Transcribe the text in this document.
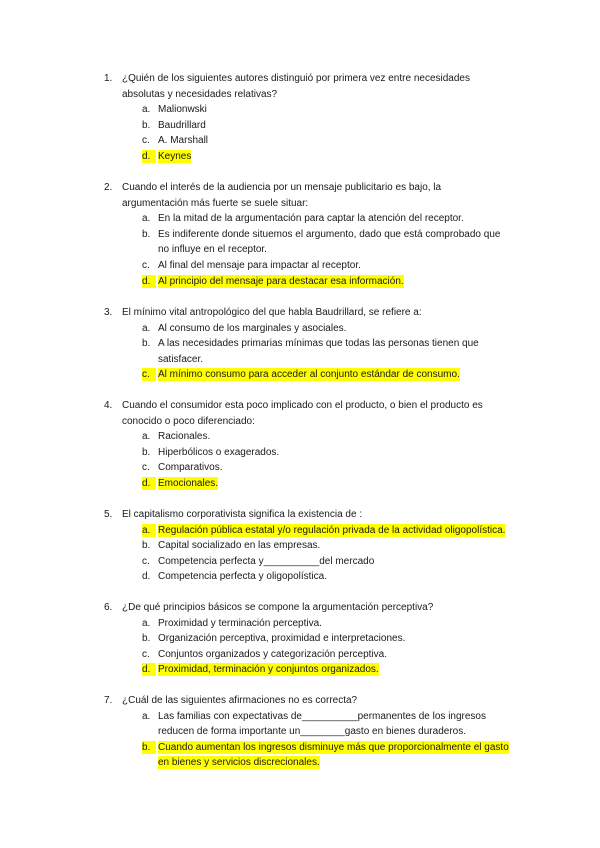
1. ¿Quién de los siguientes autores distinguió por primera vez entre necesidades
absolutas y necesidades relativas?
a. Malionwski
b. Baudrillard
c. A. Marshall
d. Keynes
2. Cuando el interés de la audiencia por un mensaje publicitario es bajo, la
argumentación más fuerte se suele situar:
a. En la mitad de la argumentación para captar la atención del receptor.
b. Es indiferente donde situemos el argumento, dado que está comprobado que
no influye en el receptor.
c. Al final del mensaje para impactar al receptor.
d. Al principio del mensaje para destacar esa información.
3. El mínimo vital antropológico del que habla Baudrillard, se refiere a:
a. Al consumo de los marginales y asociales.
b. A las necesidades primarias mínimas que todas las personas tienen que
satisfacer.
c. Al mínimo consumo para acceder al conjunto estándar de consumo.
4. Cuando el consumidor esta poco implicado con el producto, o bien el producto es
conocido o poco diferenciado:
a. Racionales.
b. Hiperbólicos o exagerados.
c. Comparativos.
d. Emocionales.
5. El capitalismo corporativista significa la existencia de :
a. Regulación pública estatal y/o regulación privada de la actividad oligopolística.
b. Capital socializado en las empresas.
c. Competencia perfecta y__________del mercado
d. Competencia perfecta y oligopolística.
6. ¿De qué principios básicos se compone la argumentación perceptiva?
a. Proximidad y terminación perceptiva.
b. Organización perceptiva, proximidad e interpretaciones.
c. Conjuntos organizados y categorización perceptiva.
d. Proximidad, terminación y conjuntos organizados.
7. ¿Cuál de las siguientes afirmaciones no es correcta?
a. Las familias con expectativas de__________permanentes de los ingresos
reducen de forma importante un________gasto en bienes duraderos.
b. Cuando aumentan los ingresos disminuye más que proporcionalmente el gasto
en bienes y servicios discrecionales.
